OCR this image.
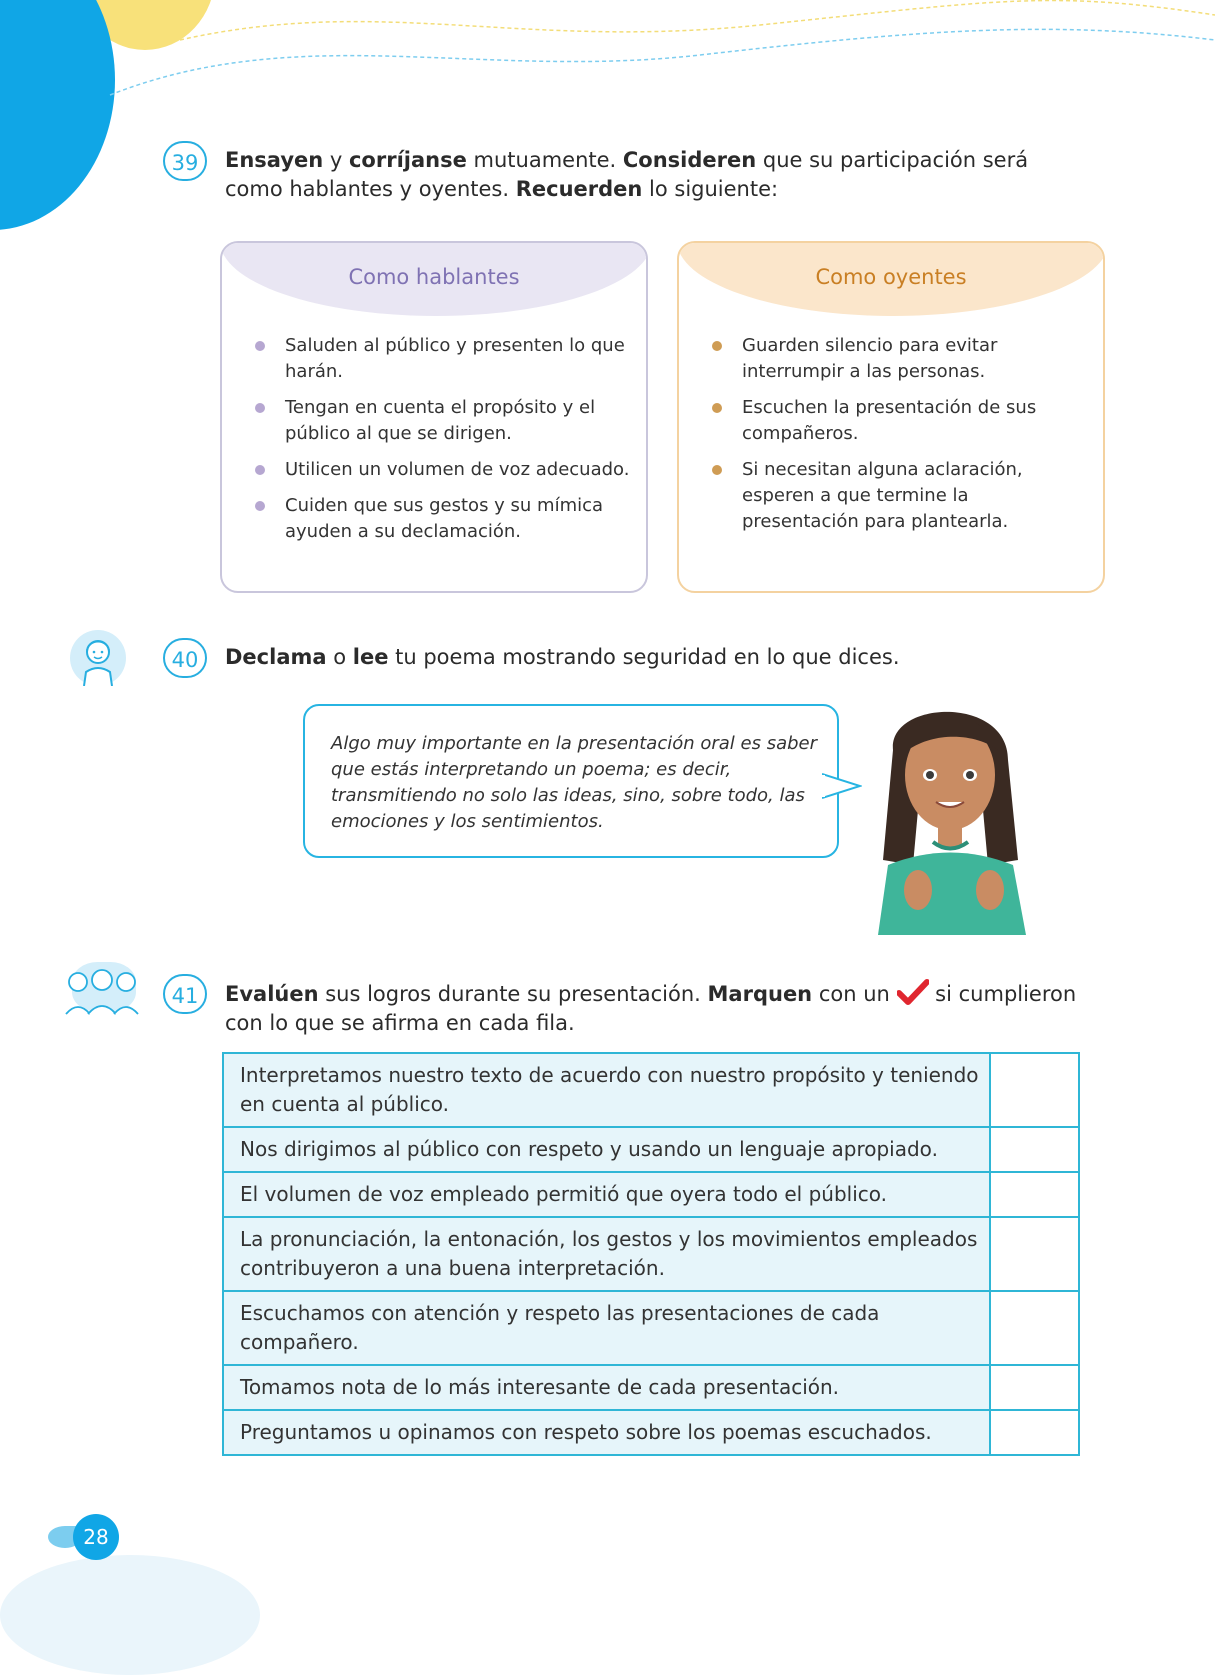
39	Ensayen y corríjanse mutuamente. Consideren que su participación será
como hablantes y oyentes. Recuerden lo siguiente:
Como hablantes
Saluden al público y presenten lo que harán.
Tengan en cuenta el propósito y el público al que se dirigen.
Utilicen un volumen de voz adecuado.
Cuiden que sus gestos y su mímica ayuden a su declamación.
Como oyentes
Guarden silencio para evitar interrumpir a las personas.
Escuchen la presentación de sus compañeros.
Si necesitan alguna aclaración, esperen a que termine la presentación para plantearla.
40	Declama o lee tu poema mostrando seguridad en lo que dices.

Algo muy importante en la presentación oral es saber que estás interpretando un poema; es decir, transmitiendo no solo las ideas, sino, sobre todo, las emociones y los sentimientos.

41	Evalúen sus logros durante su presentación. Marquen con un  si cumplieron
con lo que se afirma en cada fila.
Interpretamos nuestro texto de acuerdo con nuestro propósito y teniendo en cuenta al público.	
Nos dirigimos al público con respeto y usando un lenguaje apropiado.	
El volumen de voz empleado permitió que oyera todo el público.	
La pronunciación, la entonación, los gestos y los movimientos empleados contribuyeron a una buena interpretación.	
Escuchamos con atención y respeto las presentaciones de cada compañero.	
Tomamos nota de lo más interesante de cada presentación.	
Preguntamos u opinamos con respeto sobre los poemas escuchados.	
28
